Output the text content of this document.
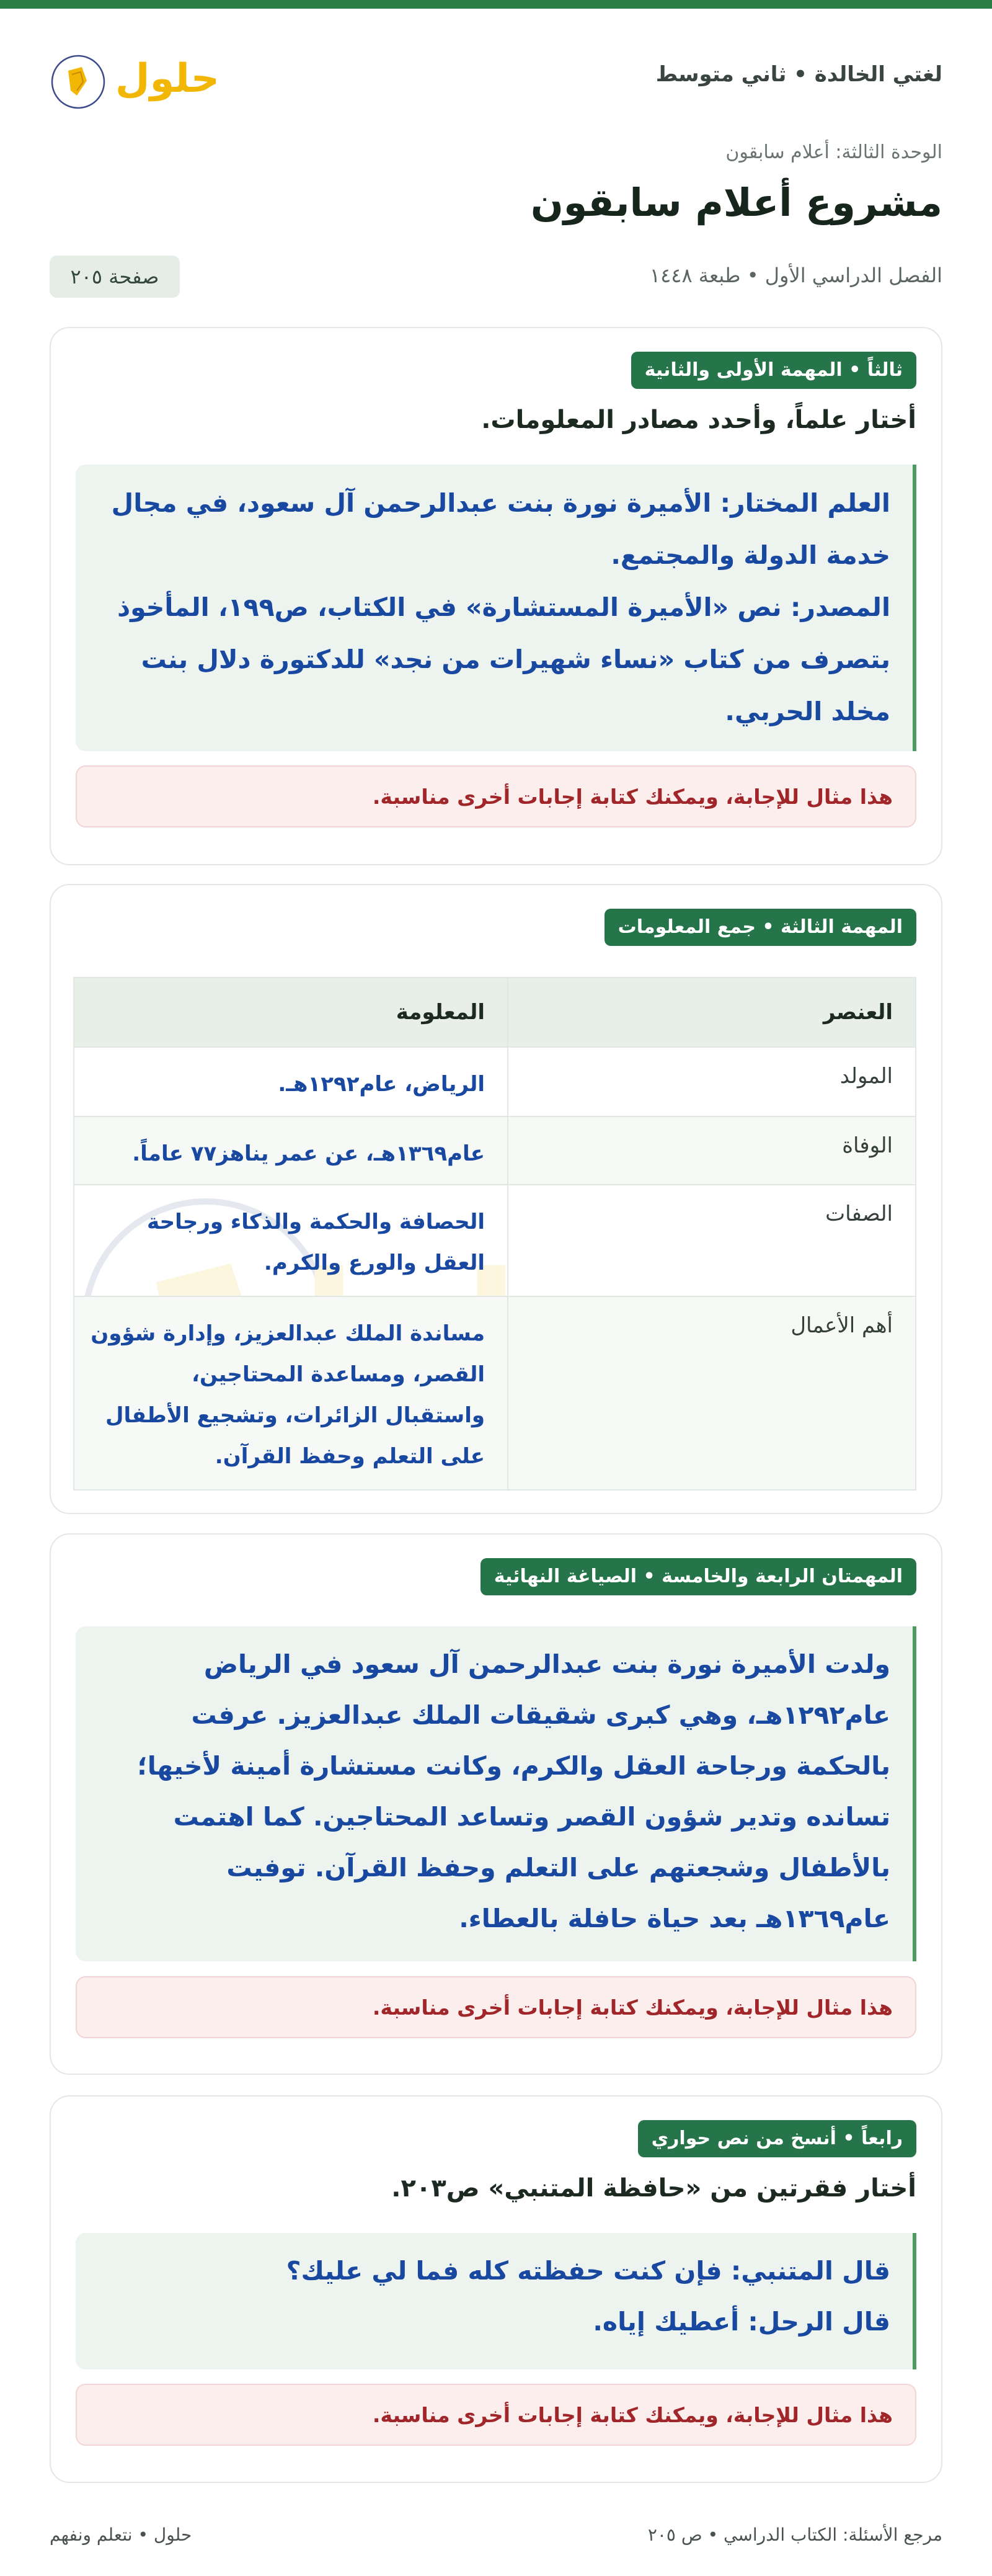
لغتي الخالدة • ثاني متوسط
حلول
الوحدة الثالثة: أعلام سابقون
مشروع أعلام سابقون
الفصل الدراسي الأول • طبعة ١٤٤٨
صفحة ٢٠٥
ثالثاً • المهمة الأولى والثانية
أختار علماً، وأحدد مصادر المعلومات.

العلم المختار: الأميرة نورة بنت عبدالرحمن آل سعود، في مجال خدمة الدولة والمجتمع.

المصدر: نص «الأميرة المستشارة» في الكتاب، ص١٩٩، المأخوذ بتصرف من كتاب «نساء شهيرات من نجد» للدكتورة دلال بنت مخلد الحربي.

هذا مثال للإجابة، ويمكنك كتابة إجابات أخرى مناسبة.
المهمة الثالثة • جمع المعلومات
العنصر	المعلومة
المولد	الرياض، عام١٢٩٢هـ.
الوفاة	عام١٣٦٩هـ، عن عمر يناهز٧٧ عاماً.
الصفات	الحصافة والحكمة والذكاء ورجاحة العقل والورع والكرم.
أهم الأعمال	مساندة الملك عبدالعزيز، وإدارة شؤون القصر، ومساعدة المحتاجين، واستقبال الزائرات، وتشجيع الأطفال على التعلم وحفظ القرآن.
المهمتان الرابعة والخامسة • الصياغة النهائية

ولدت الأميرة نورة بنت عبدالرحمن آل سعود في الرياض عام١٢٩٢هـ، وهي كبرى شقيقات الملك عبدالعزيز. عرفت بالحكمة ورجاحة العقل والكرم، وكانت مستشارة أمينة لأخيها؛ تسانده وتدير شؤون القصر وتساعد المحتاجين. كما اهتمت بالأطفال وشجعتهم على التعلم وحفظ القرآن. توفيت عام١٣٦٩هـ بعد حياة حافلة بالعطاء.

هذا مثال للإجابة، ويمكنك كتابة إجابات أخرى مناسبة.
رابعاً • أنسخ من نص حواري
أختار فقرتين من «حافظة المتنبي» ص٢٠٣.

قال المتنبي: فإن كنت حفظته كله فما لي عليك؟

قال الرحل: أعطيك إياه.

هذا مثال للإجابة، ويمكنك كتابة إجابات أخرى مناسبة.
حلول • نتعلم ونفهم	مرجع الأسئلة: الكتاب الدراسي • ص ٢٠٥
